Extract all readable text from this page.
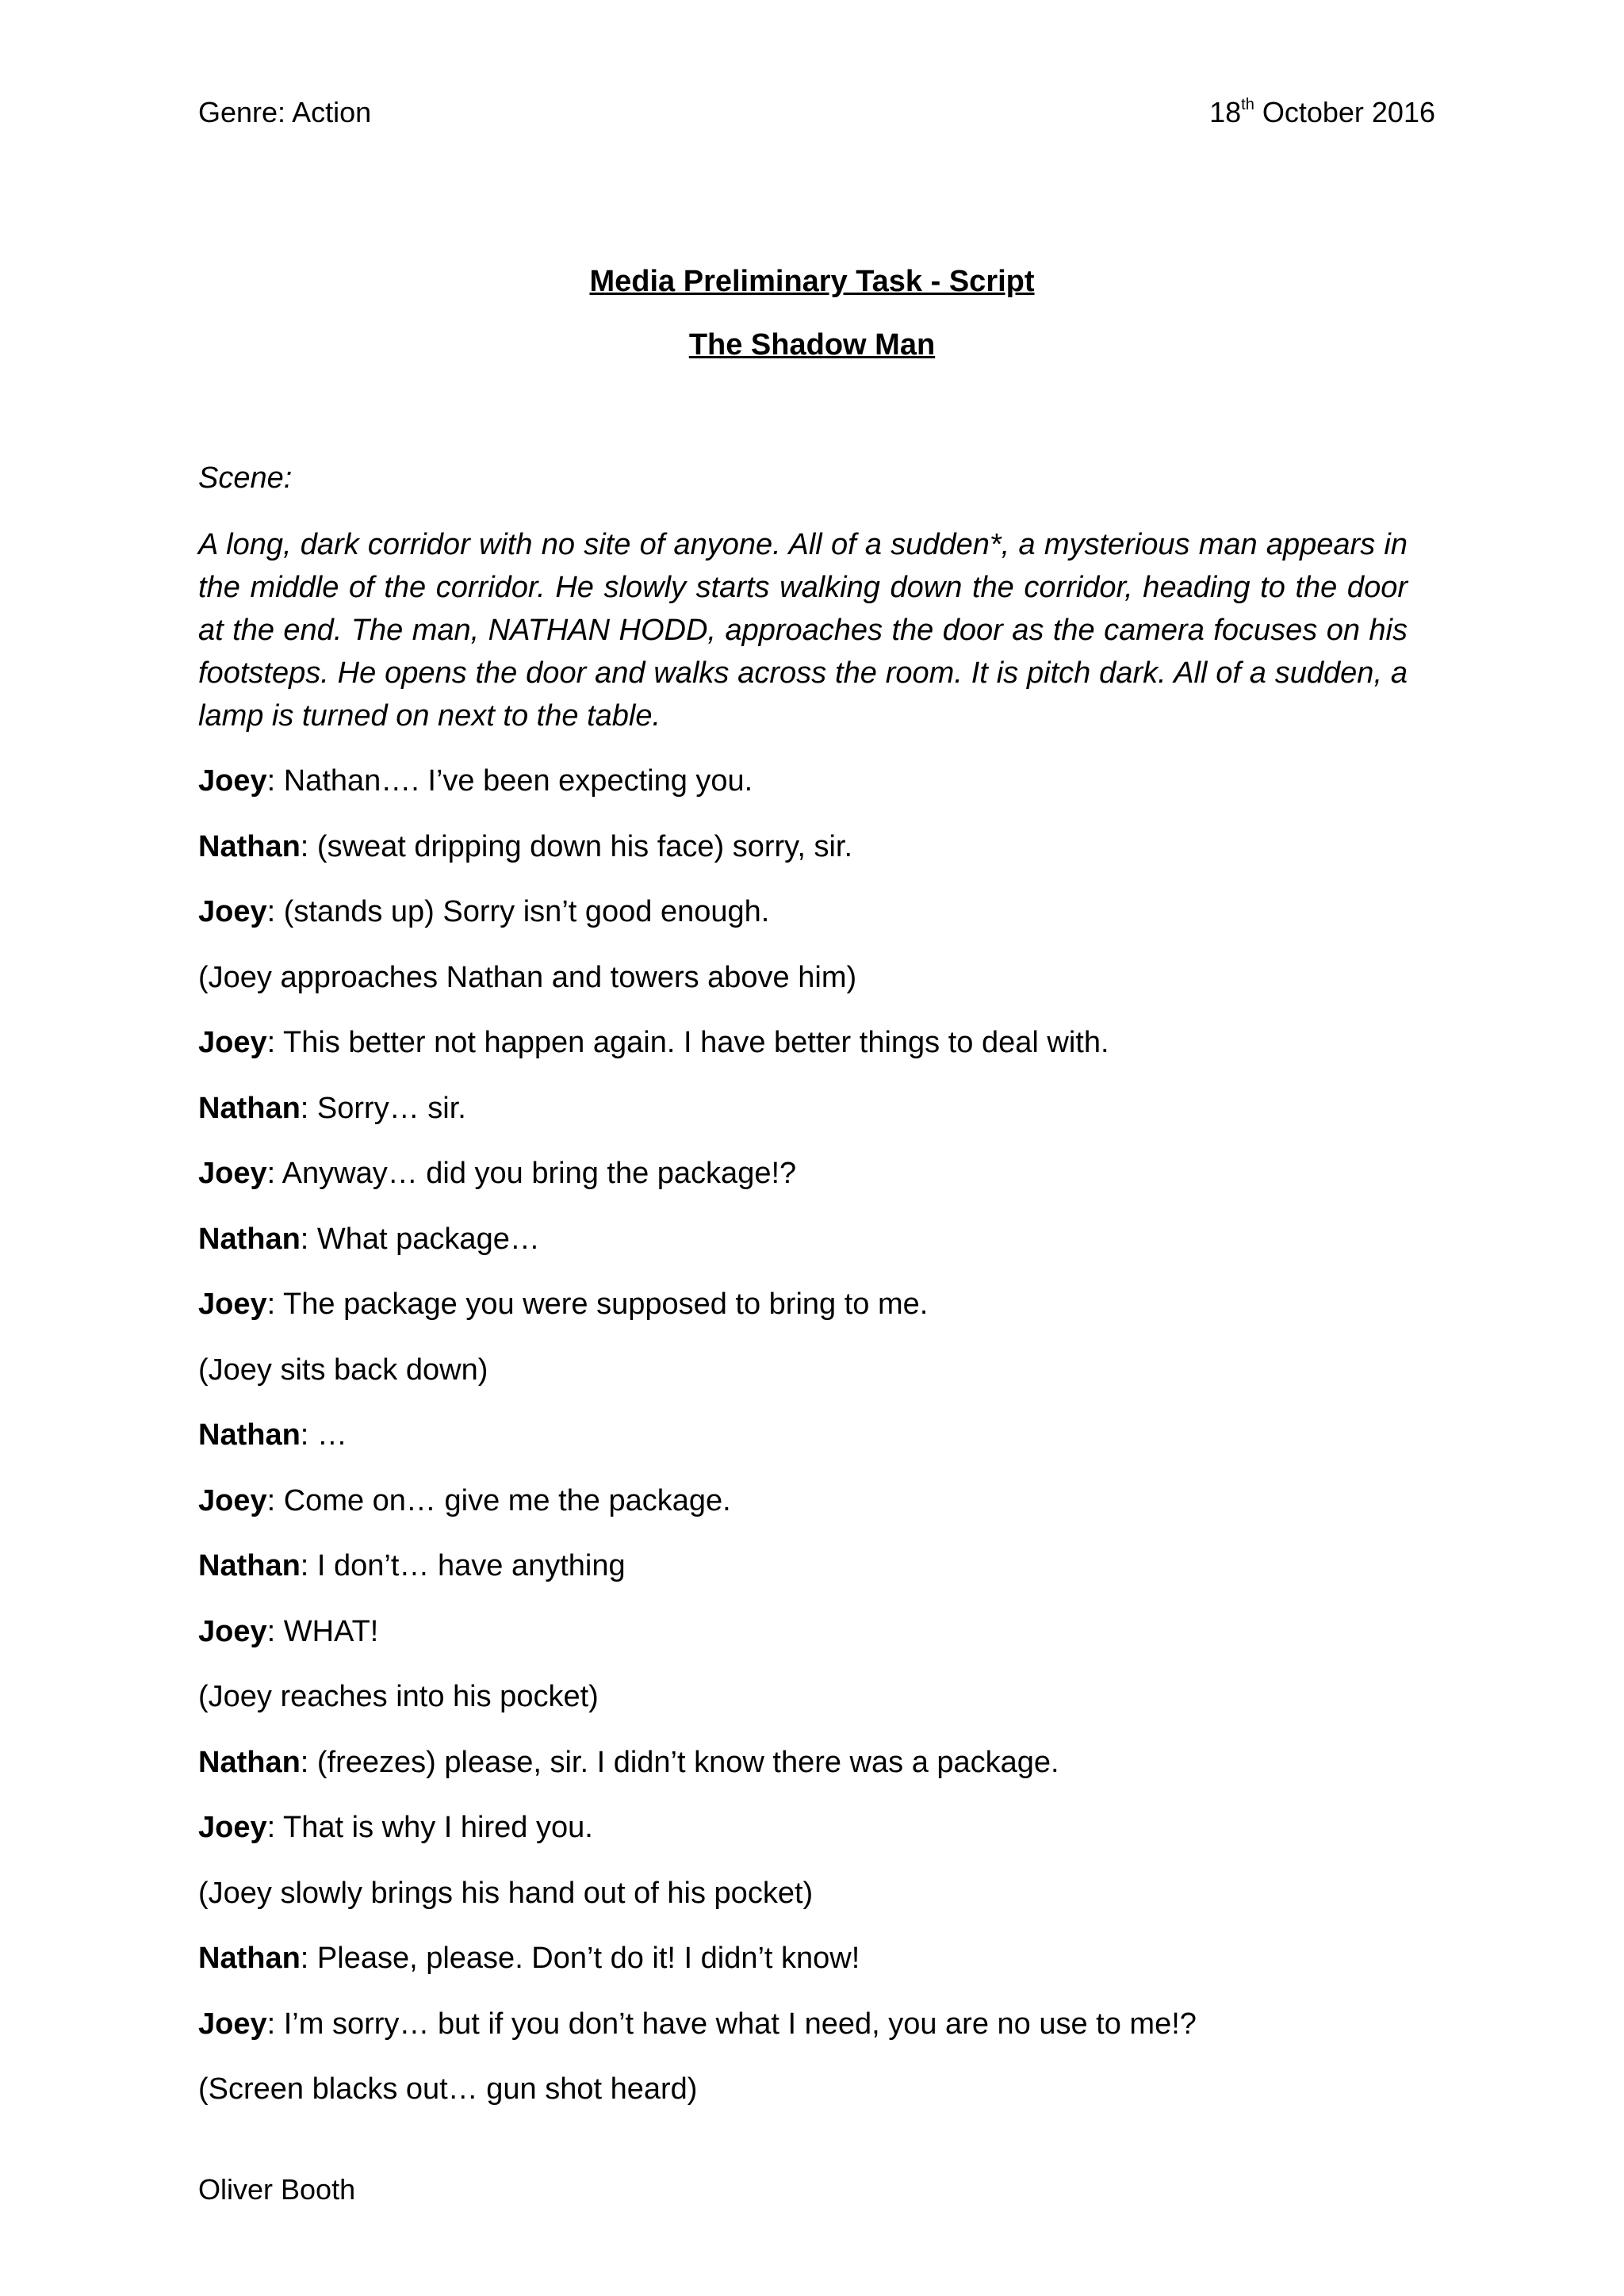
Genre: Action	18th October 2016
Media Preliminary Task - Script
The Shadow Man
Scene:
A long, dark corridor with no site of anyone. All of a sudden*, a mysterious man appears in the middle of the corridor. He slowly starts walking down the corridor, heading to the door at the end. The man, NATHAN HODD, approaches the door as the camera focuses on his footsteps. He opens the door and walks across the room. It is pitch dark. All of a sudden, a lamp is turned on next to the table.
Joey: Nathan…. I’ve been expecting you.
Nathan: (sweat dripping down his face) sorry, sir.
Joey: (stands up) Sorry isn’t good enough.
(Joey approaches Nathan and towers above him)
Joey: This better not happen again. I have better things to deal with.
Nathan: Sorry… sir.
Joey: Anyway… did you bring the package!?
Nathan: What package…
Joey: The package you were supposed to bring to me.
(Joey sits back down)
Nathan: …
Joey: Come on… give me the package.
Nathan: I don’t… have anything
Joey: WHAT!
(Joey reaches into his pocket)
Nathan: (freezes) please, sir. I didn’t know there was a package.
Joey: That is why I hired you.
(Joey slowly brings his hand out of his pocket)
Nathan: Please, please. Don’t do it! I didn’t know!
Joey: I’m sorry… but if you don’t have what I need, you are no use to me!?
(Screen blacks out… gun shot heard)
Oliver Booth
